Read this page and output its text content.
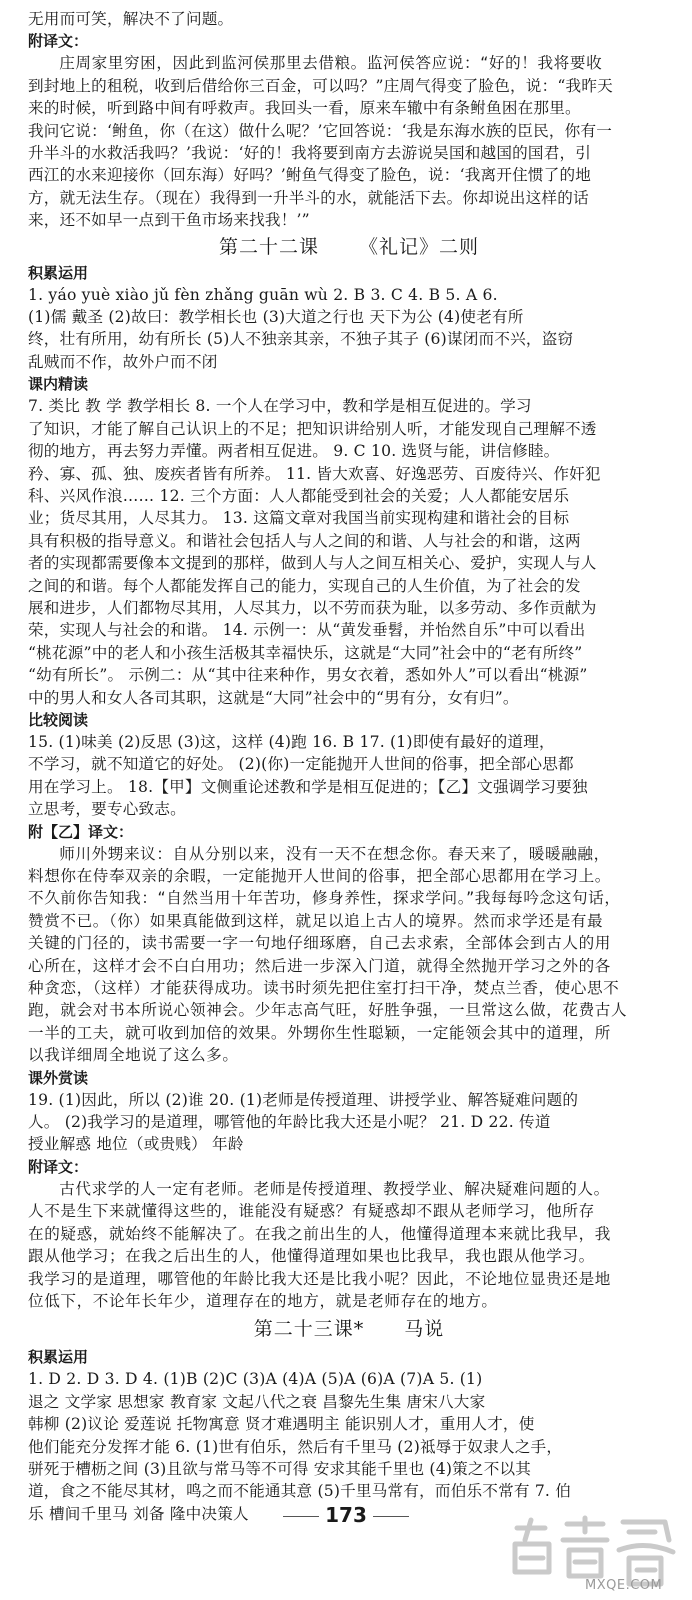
无用而可笑，解决不了问题。

附译文：

庄周家里穷困，因此到监河侯那里去借粮。监河侯答应说：“好的！我将要收

到封地上的租税，收到后借给你三百金，可以吗？”庄周气得变了脸色，说：“我昨天

来的时候，听到路中间有呼救声。我回头一看，原来车辙中有条鲋鱼困在那里。

我问它说：‘鲋鱼，你（在这）做什么呢？’它回答说：‘我是东海水族的臣民，你有一

升半斗的水救活我吗？’我说：‘好的！我将要到南方去游说吴国和越国的国君，引

西江的水来迎接你（回东海）好吗？’鲋鱼气得变了脸色，说：‘我离开住惯了的地

方，就无法生存。（现在）我得到一升半斗的水，就能活下去。你却说出这样的话

来，还不如早一点到干鱼市场来找我！’”

第二十二课 《礼记》二则

积累运用

1. yáo yuè xiào jǔ fèn zhǎng guān wù 2. B 3. C 4. B 5. A 6.

(1)儒 戴圣 (2)故曰：教学相长也 (3)大道之行也 天下为公 (4)使老有所

终，壮有所用，幼有所长 (5)人不独亲其亲，不独子其子 (6)谋闭而不兴，盗窃

乱贼而不作，故外户而不闭

课内精读

7. 类比 教 学 教学相长 8. 一个人在学习中，教和学是相互促进的。学习

了知识，才能了解自己认识上的不足；把知识讲给别人听，才能发现自己理解不透

彻的地方，再去努力弄懂。两者相互促进。 9. C 10. 选贤与能，讲信修睦。

矜、寡、孤、独、废疾者皆有所养。 11. 皆大欢喜、好逸恶劳、百废待兴、作奸犯

科、兴风作浪…… 12. 三个方面：人人都能受到社会的关爱；人人都能安居乐

业；货尽其用，人尽其力。 13. 这篇文章对我国当前实现构建和谐社会的目标

具有积极的指导意义。和谐社会包括人与人之间的和谐、人与社会的和谐，这两

者的实现都需要像本文提到的那样，做到人与人之间互相关心、爱护，实现人与人

之间的和谐。每个人都能发挥自己的能力，实现自己的人生价值，为了社会的发

展和进步，人们都物尽其用，人尽其力，以不劳而获为耻，以多劳动、多作贡献为

荣，实现人与社会的和谐。 14. 示例一：从“黄发垂髫，并怡然自乐”中可以看出

“桃花源”中的老人和小孩生活极其幸福快乐，这就是“大同”社会中的“老有所终”

“幼有所长”。 示例二：从“其中往来种作，男女衣着，悉如外人”可以看出“桃源”

中的男人和女人各司其职，这就是“大同”社会中的“男有分，女有归”。

比较阅读

15. (1)味美 (2)反思 (3)这，这样 (4)跑 16. B 17. (1)即使有最好的道理，

不学习，就不知道它的好处。 (2)(你)一定能抛开人世间的俗事，把全部心思都

用在学习上。 18.【甲】文侧重论述教和学是相互促进的；【乙】文强调学习要独

立思考，要专心致志。

附【乙】译文：

师川外甥来议：自从分别以来，没有一天不在想念你。春天来了，暖暖融融，

料想你在侍奉双亲的余暇，一定能抛开人世间的俗事，把全部心思都用在学习上。

不久前你告知我：“自然当用十年苦功，修身养性，探求学问。”我每每吟念这句话，

赞赏不已。（你）如果真能做到这样，就足以追上古人的境界。然而求学还是有最

关键的门径的，读书需要一字一句地仔细琢磨，自己去求索，全部体会到古人的用

心所在，这样才会不白白用功；然后进一步深入门道，就得全然抛开学习之外的各

种贪恋，（这样）才能获得成功。读书时须先把住室打扫干净，焚点兰香，使心思不

跑，就会对书本所说心领神会。少年志高气旺，好胜争强，一旦常这么做，花费古人

一半的工夫，就可收到加倍的效果。外甥你生性聪颖，一定能领会其中的道理，所

以我详细周全地说了这么多。

课外赏读

19. (1)因此，所以 (2)谁 20. (1)老师是传授道理、讲授学业、解答疑难问题的

人。 (2)我学习的是道理，哪管他的年龄比我大还是小呢？ 21. D 22. 传道

授业解惑 地位（或贵贱） 年龄

附译文：

古代求学的人一定有老师。老师是传授道理、教授学业、解决疑难问题的人。

人不是生下来就懂得这些的，谁能没有疑惑？有疑惑却不跟从老师学习，他所存

在的疑惑，就始终不能解决了。在我之前出生的人，他懂得道理本来就比我早，我

跟从他学习；在我之后出生的人，他懂得道理如果也比我早，我也跟从他学习。

我学习的是道理，哪管他的年龄比我大还是比我小呢？因此，不论地位显贵还是地

位低下，不论年长年少，道理存在的地方，就是老师存在的地方。

第二十三课* 马说

积累运用

1. D 2. D 3. D 4. (1)B (2)C (3)A (4)A (5)A (6)A (7)A 5. (1)

退之 文学家 思想家 教育家 文起八代之衰 昌黎先生集 唐宋八大家

韩柳 (2)议论 爱莲说 托物寓意 贤才难遇明主 能识别人才，重用人才，使

他们能充分发挥才能 6. (1)世有伯乐，然后有千里马 (2)祗辱于奴隶人之手，

骈死于槽枥之间 (3)且欲与常马等不可得 安求其能千里也 (4)策之不以其

道，食之不能尽其材，鸣之而不能通其意 (5)千里马常有，而伯乐不常有 7. 伯

乐 槽间千里马 刘备 隆中决策人	173
MXQE.COM
